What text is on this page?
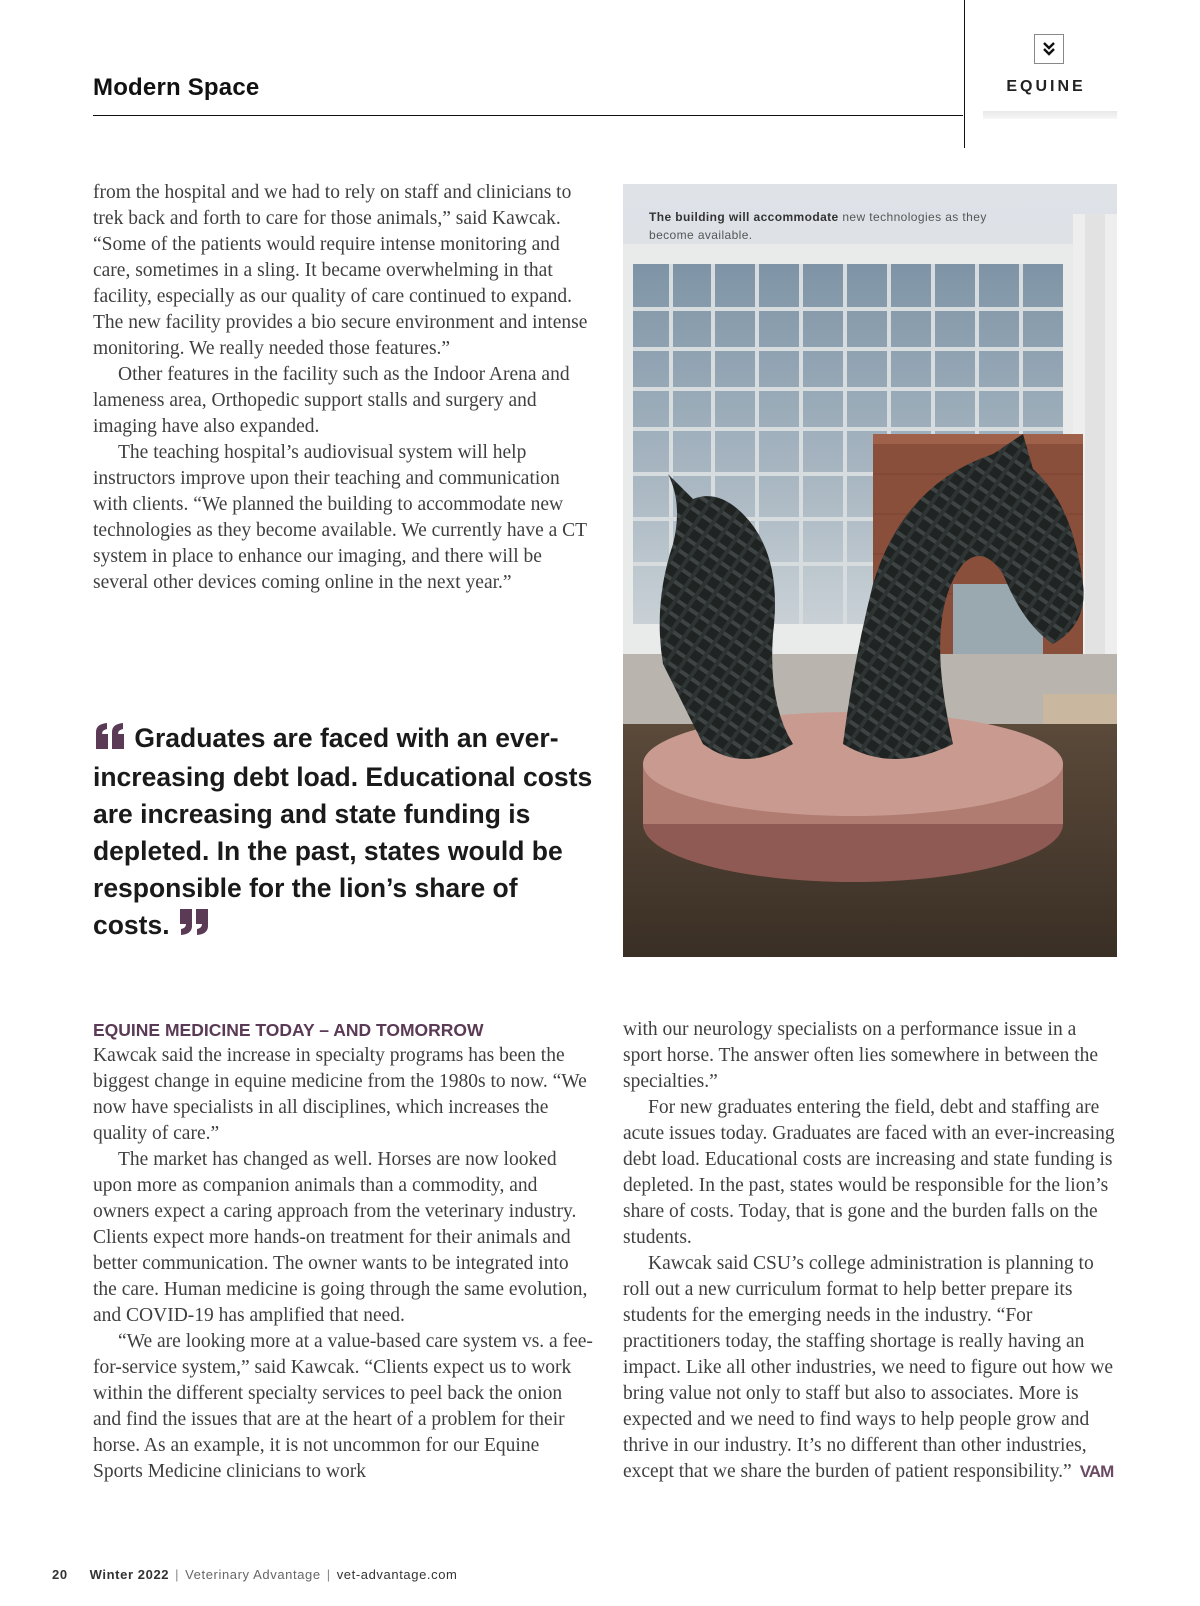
Modern Space	EQUINE

from the hospital and we had to rely on staff and clinicians to trek back and forth to care for those animals,” said Kawcak. “Some of the patients would require intense monitoring and care, sometimes in a sling. It became overwhelming in that facility, especially as our quality of care continued to expand. The new facility provides a bio secure environment and intense monitoring. We really needed those features.”

Other features in the facility such as the Indoor Arena and lameness area, Orthopedic support stalls and surgery and imaging have also expanded.

The teaching hospital’s audiovisual system will help instructors improve upon their teaching and communication with clients. “We planned the building to accommodate new technologies as they become available. We currently have a CT system in place to enhance our imaging, and there will be several other devices coming online in the next year.”

Graduates are faced with an ever-increasing debt load. Educational costs are increasing and state funding is depleted. In the past, states would be responsible for the lion’s share of costs.
The building will accommodate new technologies as they become available.
EQUINE MEDICINE TODAY – AND TOMORROW

Kawcak said the increase in specialty programs has been the biggest change in equine medicine from the 1980s to now. “We now have specialists in all disciplines, which increases the quality of care.”

The market has changed as well. Horses are now looked upon more as companion animals than a commodity, and owners expect a caring approach from the veterinary industry. Clients expect more hands-on treatment for their animals and better communication. The owner wants to be integrated into the care. Human medicine is going through the same evolution, and COVID-19 has amplified that need.

“We are looking more at a value-based care system vs. a fee-for-service system,” said Kawcak. “Clients expect us to work within the different specialty services to peel back the onion and find the issues that are at the heart of a problem for their horse. As an example, it is not uncommon for our Equine Sports Medicine clinicians to work

with our neurology specialists on a performance issue in a sport horse. The answer often lies somewhere in between the specialties.”

For new graduates entering the field, debt and staffing are acute issues today. Graduates are faced with an ever-increasing debt load. Educational costs are increasing and state funding is depleted. In the past, states would be responsible for the lion’s share of costs. Today, that is gone and the burden falls on the students.

Kawcak said CSU’s college administration is planning to roll out a new curriculum format to help better prepare its students for the emerging needs in the industry. “For practitioners today, the staffing shortage is really having an impact. Like all other industries, we need to figure out how we bring value not only to staff but also to associates. More is expected and we need to find ways to help people grow and thrive in our industry. It’s no different than other industries, except that we share the burden of patient responsibility.” VAM

20 Winter 2022 | Veterinary Advantage | vet-advantage.com
